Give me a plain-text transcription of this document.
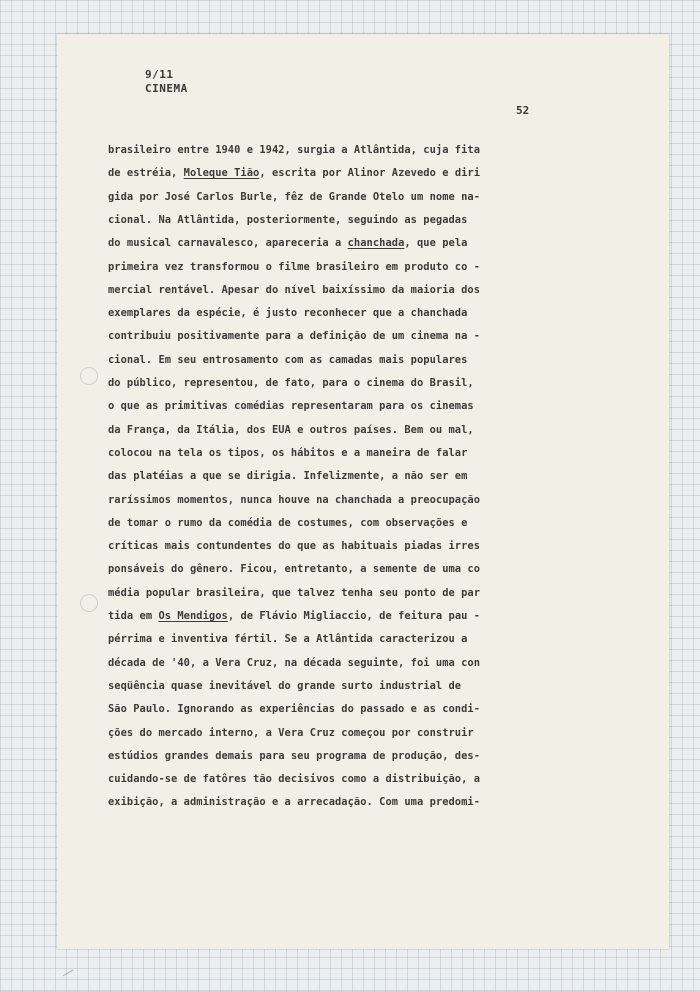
9/11
CINEMA
52
brasileiro entre 1940 e 1942, surgia a Atlântida, cuja fita
de estréia, Moleque Tião, escrita por Alinor Azevedo e diri
gida por José Carlos Burle, fêz de Grande Otelo um nome na-
cional. Na Atlântida, posteriormente, seguindo as pegadas
do musical carnavalesco, apareceria a chanchada, que pela
primeira vez transformou o filme brasileiro em produto co -
mercial rentável. Apesar do nível baixíssimo da maioria dos
exemplares da espécie, é justo reconhecer que a chanchada
contribuiu positivamente para a definição de um cinema na -
cional. Em seu entrosamento com as camadas mais populares
do público, representou, de fato, para o cinema do Brasil,
o que as primitivas comédias representaram para os cinemas
da França, da Itália, dos EUA e outros países. Bem ou mal,
colocou na tela os tipos, os hábitos e a maneira de falar
das platéias a que se dirigia. Infelizmente, a não ser em
raríssimos momentos, nunca houve na chanchada a preocupação
de tomar o rumo da comédia de costumes, com observações e
críticas mais contundentes do que as habituais piadas irres
ponsáveis do gênero. Ficou, entretanto, a semente de uma co
média popular brasileira, que talvez tenha seu ponto de par
tida em Os Mendigos, de Flávio Migliaccio, de feitura pau -
pérrima e inventiva fértil. Se a Atlântida caracterizou a
década de '40, a Vera Cruz, na década seguinte, foi uma con
seqüência quase inevitável do grande surto industrial de
São Paulo. Ignorando as experiências do passado e as condi-
ções do mercado interno, a Vera Cruz começou por construir
estúdios grandes demais para seu programa de produção, des-
cuidando-se de fatôres tão decisivos como a distribuição, a
exibição, a administração e a arrecadação. Com uma predomi-
